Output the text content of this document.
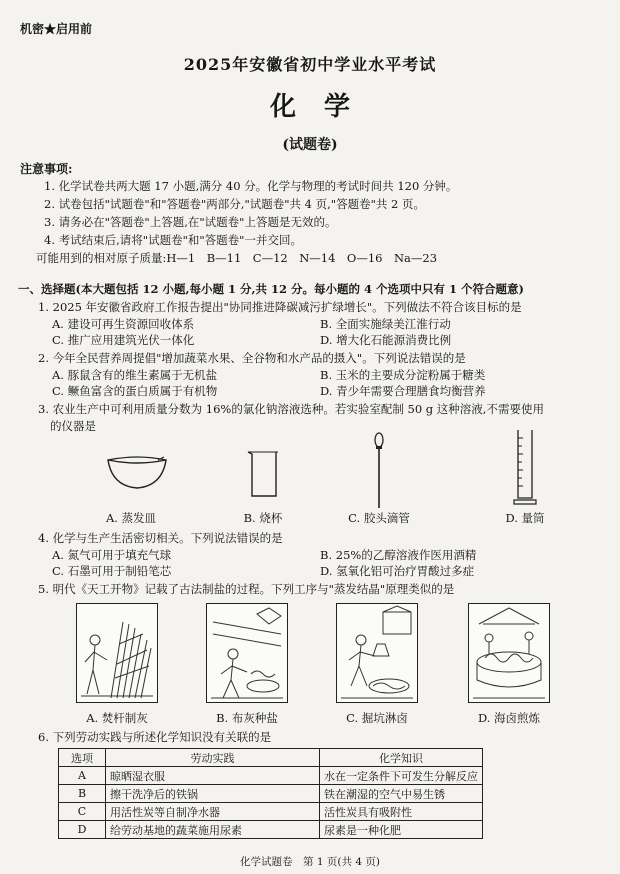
机密★启用前
2025年安徽省初中学业水平考试
化学
(试题卷)
注意事项:
1. 化学试卷共两大题 17 小题,满分 40 分。化学与物理的考试时间共 120 分钟。
2. 试卷包括"试题卷"和"答题卷"两部分,"试题卷"共 4 页,"答题卷"共 2 页。
3. 请务必在"答题卷"上答题,在"试题卷"上答题是无效的。
4. 考试结束后,请将"试题卷"和"答题卷"一并交回。
可能用到的相对原子质量:H—1　B—11　C—12　N—14　O—16　Na—23
一、选择题(本大题包括 12 小题,每小题 1 分,共 12 分。每小题的 4 个选项中只有 1 个符合题意)
1. 2025 年安徽省政府工作报告提出"协同推进降碳减污扩绿增长"。下列做法不符合该目标的是
A. 建设可再生资源回收体系	B. 全面实施绿美江淮行动
C. 推广应用建筑光伏一体化	D. 增大化石能源消费比例
2. 今年全民营养周提倡"增加蔬菜水果、全谷物和水产品的摄入"。下列说法错误的是
A. 豚鼠含有的维生素属于无机盐	B. 玉米的主要成分淀粉属于糖类
C. 鳜鱼富含的蛋白质属于有机物	D. 青少年需要合理膳食均衡营养
3. 农业生产中可利用质量分数为 16%的氯化钠溶液选种。若实验室配制 50 g 这种溶液,不需要使用
的仪器是
A. 蒸发皿	B. 烧杯	C. 胶头滴管	D. 量筒
4. 化学与生产生活密切相关。下列说法错误的是
A. 氮气可用于填充气球	B. 25%的乙醇溶液作医用酒精
C. 石墨可用于制铅笔芯	D. 氢氧化铝可治疗胃酸过多症
5. 明代《天工开物》记载了古法制盐的过程。下列工序与"蒸发结晶"原理类似的是
A. 焚杆制灰	B. 布灰种盐	C. 掘坑淋卤	D. 海卤煎炼
6. 下列劳动实践与所述化学知识没有关联的是
选项	劳动实践	化学知识
A	晾晒湿衣服	水在一定条件下可发生分解反应
B	擦干洗净后的铁锅	铁在潮湿的空气中易生锈
C	用活性炭等自制净水器	活性炭具有吸附性
D	给劳动基地的蔬菜施用尿素	尿素是一种化肥
化学试题卷　第 1 页(共 4 页)
